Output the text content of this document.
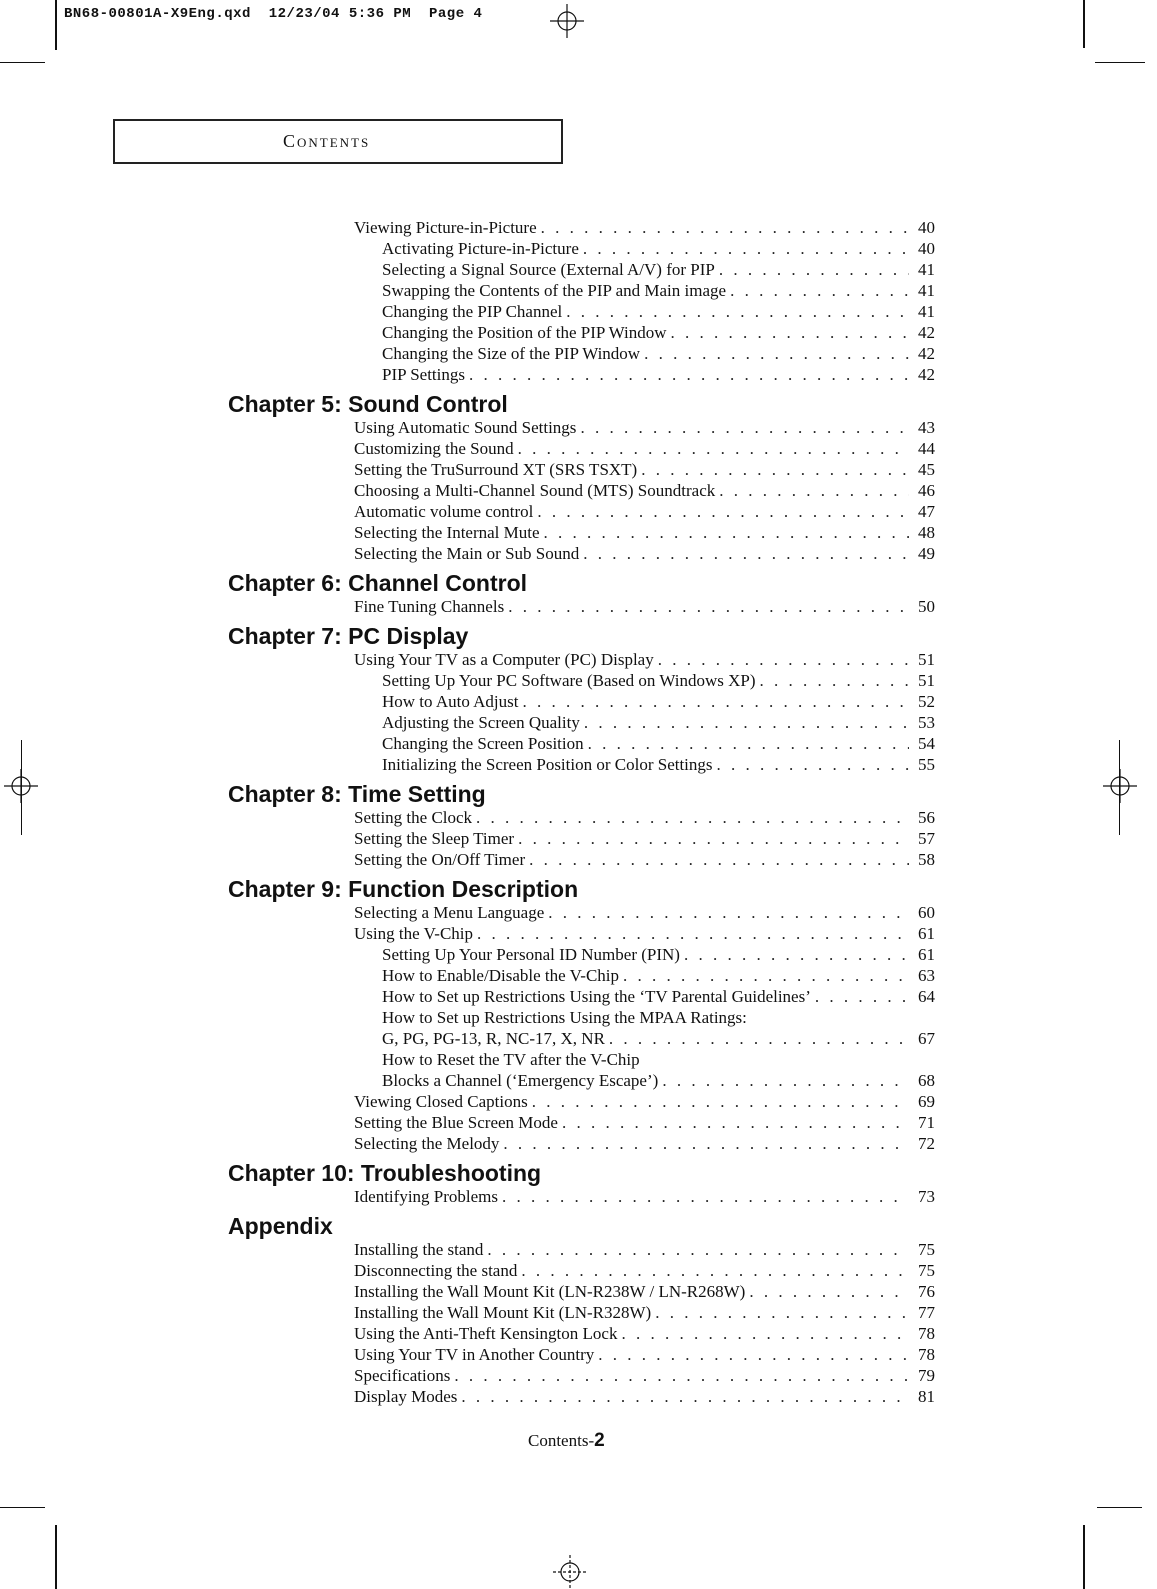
BN68-00801A-X9Eng.qxd 12/23/04 5:36 PM Page 4
Contents
Viewing Picture-in-Picture . . .	40
Activating Picture-in-Picture . . .	40
Selecting a Signal Source (External A/V) for PIP . . .	41
Swapping the Contents of the PIP and Main image . . .	41
Changing the PIP Channel . . .	41
Changing the Position of the PIP Window . . .	42
Changing the Size of the PIP Window . . .	42
PIP Settings . . .	42
Chapter 5: Sound Control
Using Automatic Sound Settings . . .	43
Customizing the Sound . . .	44
Setting the TruSurround XT (SRS TSXT) . . .	45
Choosing a Multi-Channel Sound (MTS) Soundtrack . . .	46
Automatic volume control . . .	47
Selecting the Internal Mute . . .	48
Selecting the Main or Sub Sound . . .	49
Chapter 6: Channel Control
Fine Tuning Channels . . .	50
Chapter 7: PC Display
Using Your TV as a Computer (PC) Display . . .	51
Setting Up Your PC Software (Based on Windows XP) . . .	51
How to Auto Adjust . . .	52
Adjusting the Screen Quality . . .	53
Changing the Screen Position . . .	54
Initializing the Screen Position or Color Settings . . .	55
Chapter 8: Time Setting
Setting the Clock . . .	56
Setting the Sleep Timer . . .	57
Setting the On/Off Timer . . .	58
Chapter 9: Function Description
Selecting a Menu Language . . .	60
Using the V-Chip . . .	61
Setting Up Your Personal ID Number (PIN) . . .	61
How to Enable/Disable the V-Chip . . .	63
How to Set up Restrictions Using the ‘TV Parental Guidelines’ . . .	64
How to Set up Restrictions Using the MPAA Ratings:
G, PG, PG-13, R, NC-17, X, NR . . .	67
How to Reset the TV after the V-Chip
Blocks a Channel (‘Emergency Escape’) . . .	68
Viewing Closed Captions . . .	69
Setting the Blue Screen Mode . . .	71
Selecting the Melody . . .	72
Chapter 10: Troubleshooting
Identifying Problems . . .	73
Appendix
Installing the stand . . .	75
Disconnecting the stand . . .	75
Installing the Wall Mount Kit (LN-R238W / LN-R268W) . . .	76
Installing the Wall Mount Kit (LN-R328W) . . .	77
Using the Anti-Theft Kensington Lock . . .	78
Using Your TV in Another Country . . .	78
Specifications . . .	79
Display Modes . . .	81
Contents-2
